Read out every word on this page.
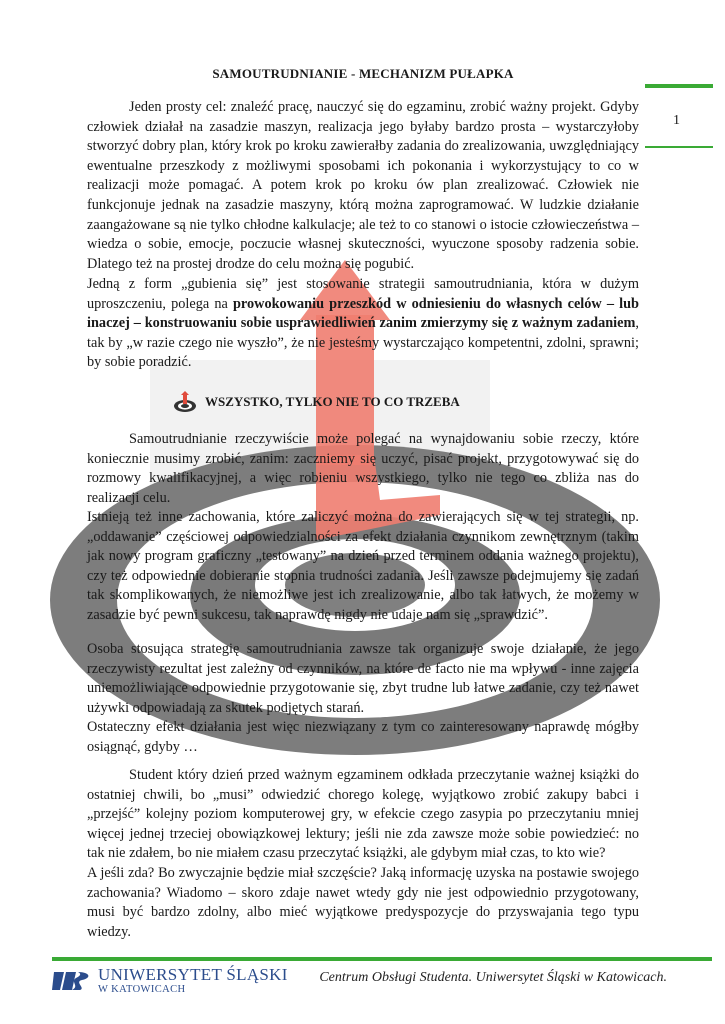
1
SAMOUTRUDNIANIE - MECHANIZM PUŁAPKA
Jeden prosty cel: znaleźć pracę, nauczyć się do egzaminu, zrobić ważny projekt. Gdyby człowiek działał na zasadzie maszyn, realizacja jego byłaby bardzo prosta – wystarczyłoby stworzyć dobry plan, który krok po kroku zawierałby zadania do zrealizowania, uwzględniający ewentualne przeszkody z możliwymi sposobami ich pokonania i wykorzystujący to co w realizacji może pomagać. A potem krok po kroku ów plan zrealizować. Człowiek nie funkcjonuje jednak na zasadzie maszyny, którą można zaprogramować. W ludzkie działanie zaangażowane są nie tylko chłodne kalkulacje; ale też to co stanowi o istocie człowieczeństwa – wiedza o sobie, emocje, poczucie własnej skuteczności, wyuczone sposoby radzenia sobie. Dlatego też na prostej drodze do celu można się pogubić.
Jedną z form „gubienia się” jest stosowanie strategii samoutrudniania, która w dużym uproszczeniu, polega na prowokowaniu przeszkód w odniesieniu do własnych celów – lub inaczej – konstruowaniu sobie usprawiedliwień zanim zmierzymy się z ważnym zadaniem, tak by „w razie czego nie wyszło”, że nie jesteśmy wystarczająco kompetentni, zdolni, sprawni; by sobie poradzić.
Samoutrudnianie rzeczywiście może polegać na wynajdowaniu sobie rzeczy, które koniecznie musimy zrobić, zanim: zaczniemy się uczyć, pisać projekt, przygotowywać się do rozmowy kwalifikacyjnej, a więc robieniu wszystkiego, tylko nie tego co zbliża nas do realizacji celu.
Istnieją też inne zachowania, które zaliczyć można do zawierających się w tej strategii, np. „oddawanie” częściowej odpowiedzialności za efekt działania czynnikom zewnętrznym (takim jak nowy program graficzny „testowany” na dzień przed terminem oddania ważnego projektu), czy też odpowiednie dobieranie stopnia trudności zadania. Jeśli zawsze podejmujemy się zadań tak skomplikowanych, że niemożliwe jest ich zrealizowanie, albo tak łatwych, że możemy w zasadzie być pewni sukcesu, tak naprawdę nigdy nie udaje nam się „sprawdzić”.
Osoba stosująca strategię samoutrudniania zawsze tak organizuje swoje działanie, że jego rzeczywisty rezultat jest zależny od czynników, na które de facto nie ma wpływu - inne zajęcia uniemożliwiające odpowiednie przygotowanie się, zbyt trudne lub łatwe zadanie, czy też nawet używki odpowiadają za skutek podjętych starań.
Ostateczny efekt działania jest więc niezwiązany z tym co zainteresowany naprawdę mógłby osiągnąć, gdyby …
Student który dzień przed ważnym egzaminem odkłada przeczytanie ważnej książki do ostatniej chwili, bo „musi” odwiedzić chorego kolegę, wyjątkowo zrobić zakupy babci i „przejść” kolejny poziom komputerowej gry, w efekcie czego zasypia po przeczytaniu mniej więcej jednej trzeciej obowiązkowej lektury; jeśli nie zda zawsze może sobie powiedzieć: no tak nie zdałem, bo nie miałem czasu przeczytać książki, ale gdybym miał czas, to kto wie?
A jeśli zda? Bo zwyczajnie będzie miał szczęście? Jaką informację uzyska na postawie swojego zachowania? Wiadomo – skoro zdaje nawet wtedy gdy nie jest odpowiednio przygotowany, musi być bardzo zdolny, albo mieć wyjątkowe predyspozycje do przyswajania tego typu wiedzy.
WSZYSTKO, TYLKO NIE TO CO TRZEBA
UNIWERSYTET ŚLĄSKI
W KATOWICACH
Centrum Obsługi Studenta. Uniwersytet Śląski w Katowicach.
